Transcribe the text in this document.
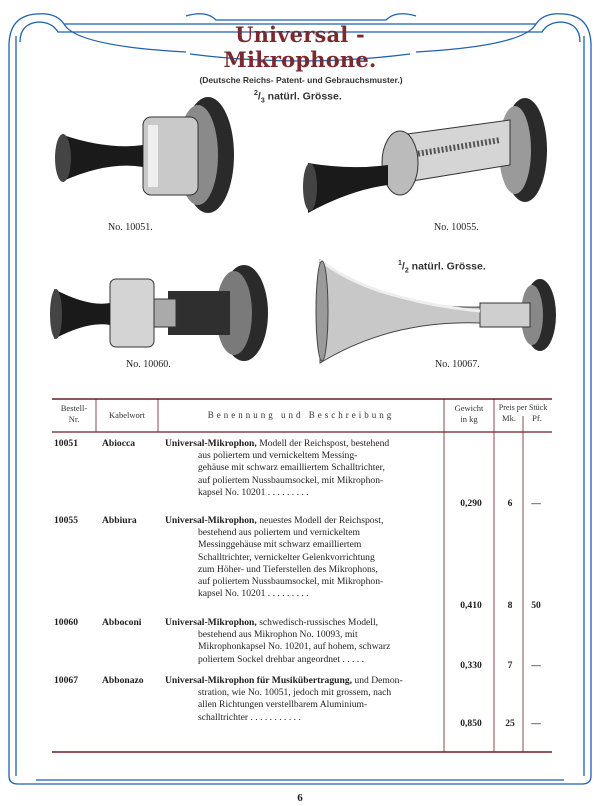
Universal - Mikrophone.
(Deutsche Reichs- Patent- und Gebrauchsmuster.)
$^2/_3$ natürl. Grösse.
No. 10051.	No. 10055.
No. 10060.
$^1/_2$ natürl. Grösse.
No. 10067.
Bestell-
Nr.	Kabelwort	Benennung und Beschreibung
Gewicht
in kg
Preis per Stück
Mk. Pf.
10051	Abiocca	Universal-Mikrophon, Modell der Reichspost, bestehend
aus poliertem und vernickeltem Messing-
gehäuse mit schwarz emailliertem Schalltrichter,
auf poliertem Nussbaumsockel, mit Mikrophon-
kapsel No. 10201 . . . . . . . . .
0,290	6	—
10055	Abbiura	Universal-Mikrophon, neuestes Modell der Reichspost,
bestehend aus poliertem und vernickeltem
Messinggehäuse mit schwarz emailliertem
Schalltrichter, vernickelter Gelenkvorrichtung
zum Höher- und Tieferstellen des Mikrophons,
auf poliertem Nussbaumsockel, mit Mikrophon-
kapsel No. 10201 . . . . . . . . .
0,410	8	50
10060	Abboconi Universal-Mikrophon, schwedisch-russisches Modell,
bestehend aus Mikrophon No. 10093, mit
Mikrophonkapsel No. 10201, auf hohem, schwarz
poliertem Sockel drehbar angeordnet . . . . .
0,330	7	—
10067	Abbonazo Universal-Mikrophon für Musikübertragung, und Demon-
stration, wie No. 10051, jedoch mit grossem, nach
allen Richtungen verstellbarem Aluminium-
schalltrichter . . . . . . . . . . .
0,850	25	—
6
